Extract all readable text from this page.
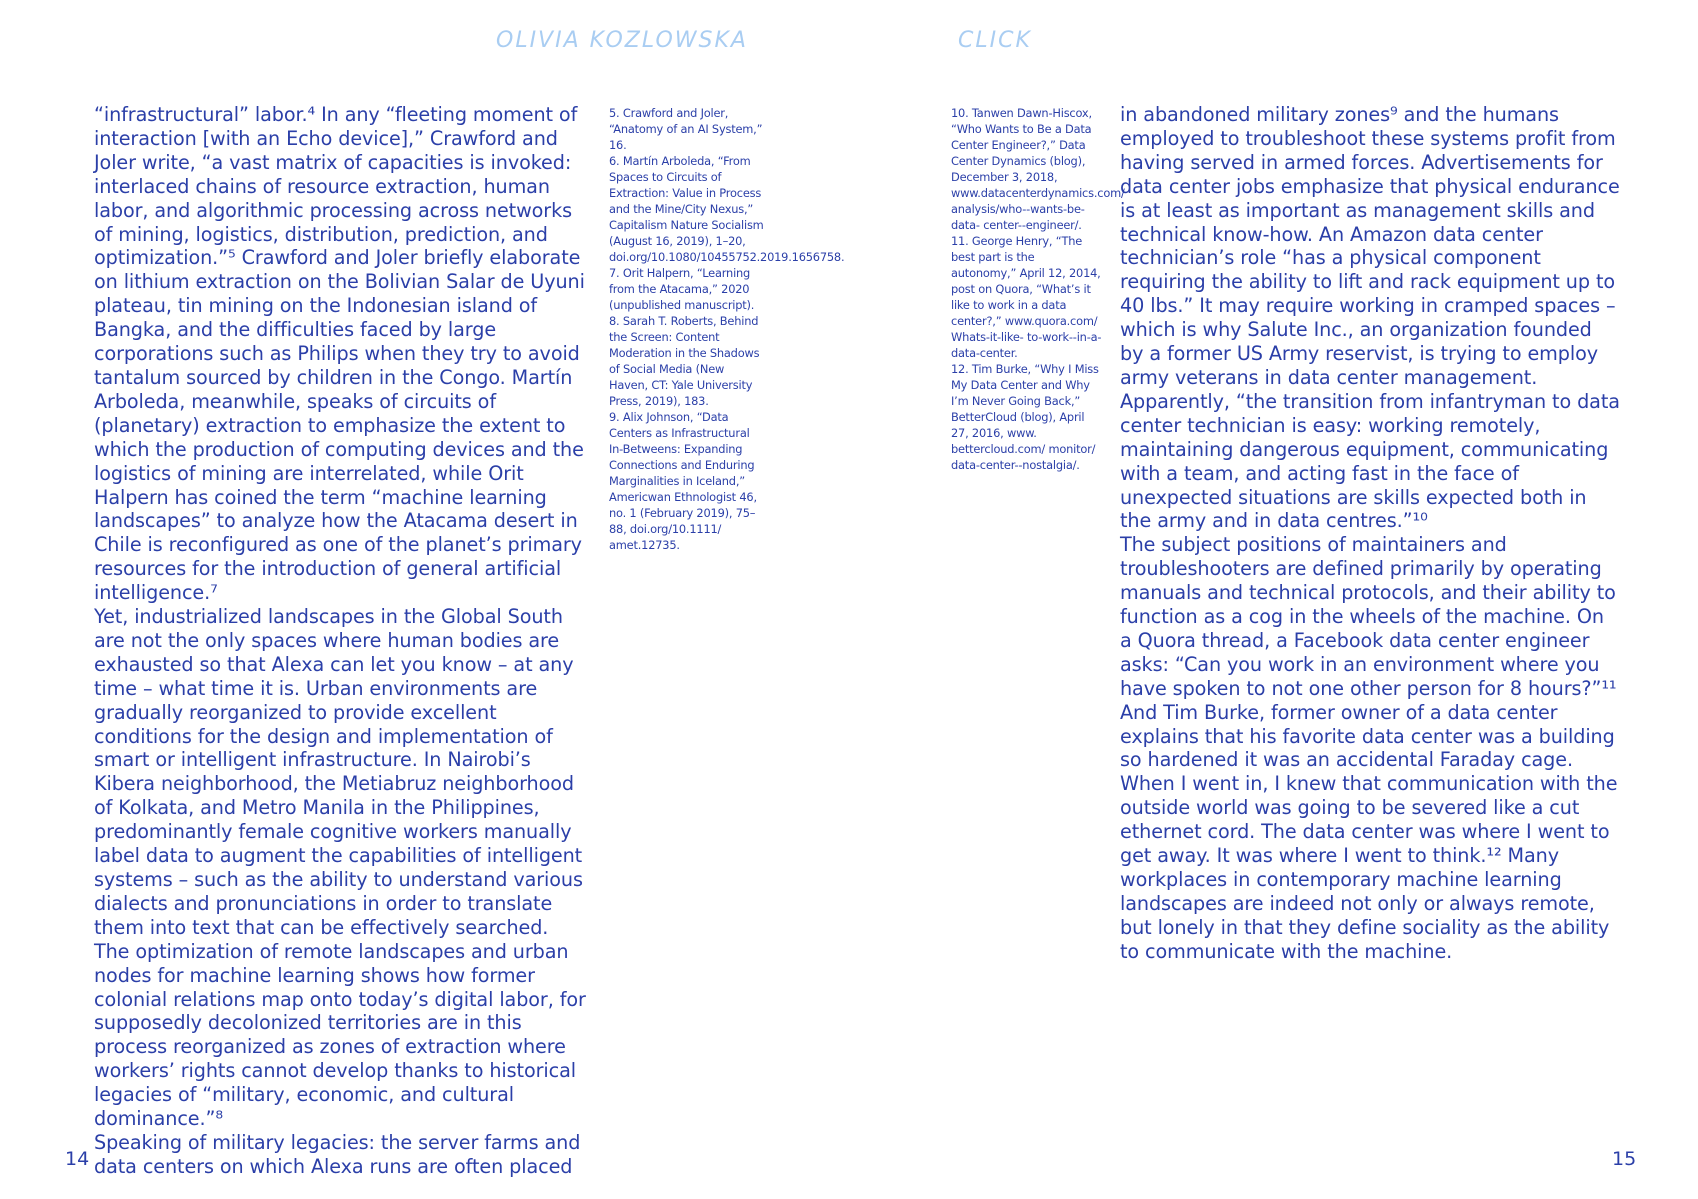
OLIVIA KOZLOWSKA	CLICK

“infrastructural” labor.⁴ In any “fleeting moment of interaction [with an Echo device],” Crawford and Joler write, “a vast matrix of capacities is invoked: interlaced chains of resource extraction, human labor, and algorithmic processing across networks of mining, logistics, distribution, prediction, and optimization.”⁵ Crawford and Joler briefly elaborate on lithium extraction on the Bolivian Salar de Uyuni plateau, tin mining on the Indonesian island of Bangka, and the difficulties faced by large corporations such as Philips when they try to avoid tantalum sourced by children in the Congo. Martín Arboleda, meanwhile, speaks of circuits of (planetary) extraction to emphasize the extent to which the production of computing devices and the logistics of mining are interrelated, while Orit Halpern has coined the term “machine learning landscapes” to analyze how the Atacama desert in Chile is reconfigured as one of the planet’s primary resources for the introduction of general artificial intelligence.⁷

Yet, industrialized landscapes in the Global South are not the only spaces where human bodies are exhausted so that Alexa can let you know – at any time – what time it is. Urban environments are gradually reorganized to provide excellent conditions for the design and implementation of smart or intelligent infrastructure. In Nairobi’s Kibera neighborhood, the Metiabruz neighborhood of Kolkata, and Metro Manila in the Philippines, predominantly female cognitive workers manually label data to augment the capabilities of intelligent systems – such as the ability to understand various dialects and pronunciations in order to translate them into text that can be effectively searched.

The optimization of remote landscapes and urban nodes for machine learning shows how former colonial relations map onto today’s digital labor, for supposedly decolonized territories are in this process reorganized as zones of extraction where workers’ rights cannot develop thanks to historical legacies of “military, economic, and cultural dominance.”⁸

Speaking of military legacies: the server farms and data centers on which Alexa runs are often placed

5. Crawford and Joler, “Anatomy of an AI System,” 16.

6. Martín Arboleda, “From Spaces to Circuits of Extraction: Value in Process and the Mine/City Nexus,” Capitalism Nature Socialism (August 16, 2019), 1–20, doi.org/10.1080/10455752.2019.1656758.

7. Orit Halpern, “Learning from the Atacama,” 2020 (unpublished manuscript).

8. Sarah T. Roberts, Behind the Screen: Content Moderation in the Shadows of Social Media (New Haven, CT: Yale University Press, 2019), 183.

9. Alix Johnson, “Data Centers as Infrastructural In-Betweens: Expanding Connections and Enduring Marginalities in Iceland,” Americwan Ethnologist 46, no. 1 (February 2019), 75–88, doi.org/10.1111/ amet.12735.

10. Tanwen Dawn-Hiscox, “Who Wants to Be a Data Center Engineer?,” Data Center Dynamics (blog), December 3, 2018, www.datacenterdynamics.com/ analysis/who--wants-be-data- center--engineer/.

11. George Henry, “The best part is the autonomy,” April 12, 2014, post on Quora, “What’s it like to work in a data center?,” www.quora.com/ Whats-it-like- to-work--in-a-data-center.

12. Tim Burke, “Why I Miss My Data Center and Why I’m Never Going Back,” BetterCloud (blog), April 27, 2016, www. bettercloud.com/ monitor/ data-center--nostalgia/.

in abandoned military zones⁹ and the humans employed to troubleshoot these systems profit from having served in armed forces. Advertisements for data center jobs emphasize that physical endurance is at least as important as management skills and technical know-how. An Amazon data center technician’s role “has a physical component requiring the ability to lift and rack equipment up to 40 lbs.” It may require working in cramped spaces – which is why Salute Inc., an organization founded by a former US Army reservist, is trying to employ army veterans in data center management. Apparently, “the transition from infantryman to data center technician is easy: working remotely, maintaining dangerous equipment, communicating with a team, and acting fast in the face of unexpected situations are skills expected both in the army and in data centres.”¹⁰

The subject positions of maintainers and troubleshooters are defined primarily by operating manuals and technical protocols, and their ability to function as a cog in the wheels of the machine. On a Quora thread, a Facebook data center engineer asks: “Can you work in an environment where you have spoken to not one other person for 8 hours?”¹¹ And Tim Burke, former owner of a data center explains that his favorite data center was a building so hardened it was an accidental Faraday cage. When I went in, I knew that communication with the outside world was going to be severed like a cut ethernet cord. The data center was where I went to get away. It was where I went to think.¹² Many workplaces in contemporary machine learning landscapes are indeed not only or always remote, but lonely in that they define sociality as the ability to communicate with the machine.

14	15
